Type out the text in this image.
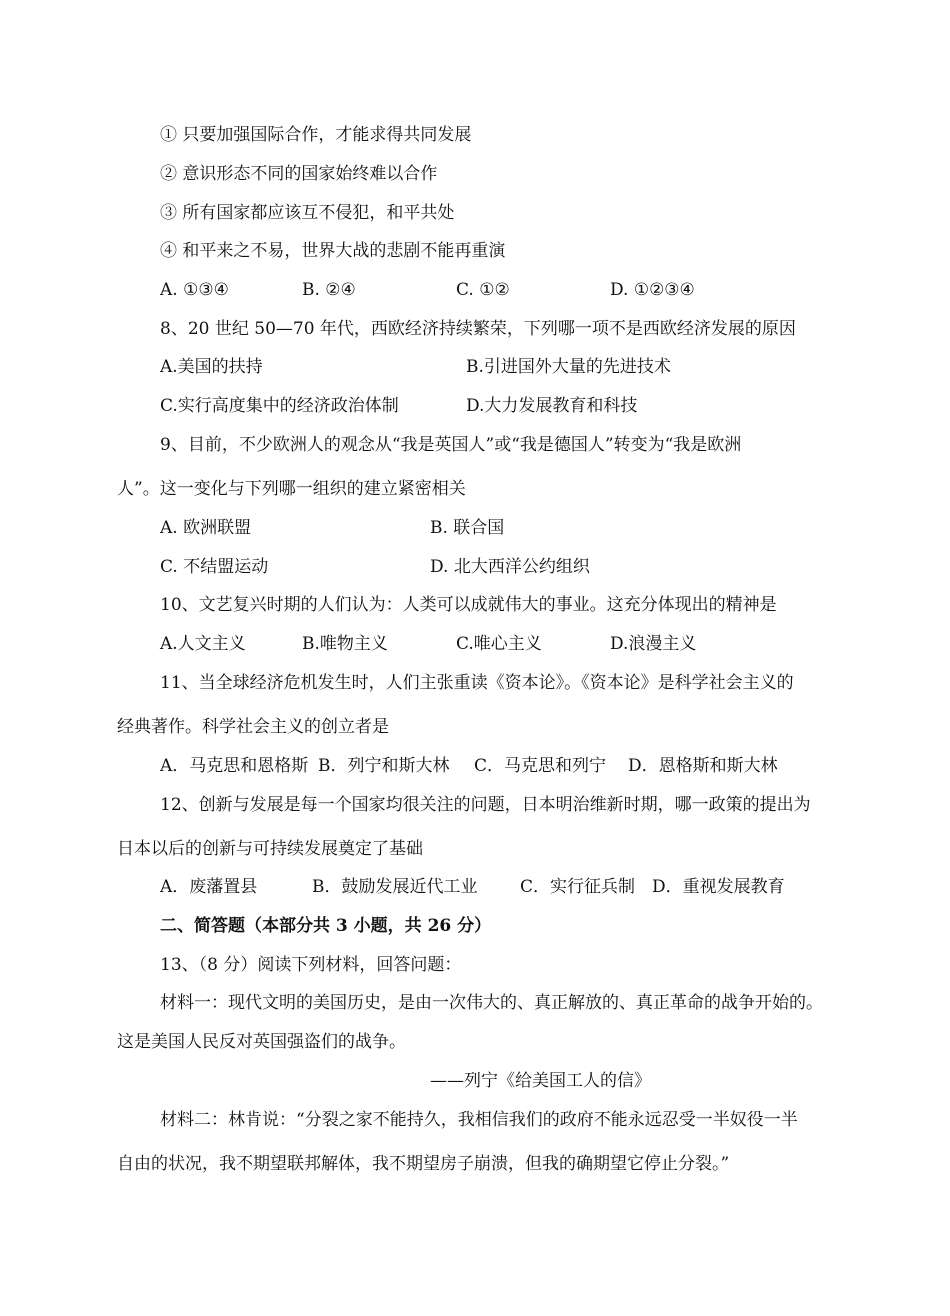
① 只要加强国际合作，才能求得共同发展
② 意识形态不同的国家始终难以合作
③ 所有国家都应该互不侵犯，和平共处
④ 和平来之不易，世界大战的悲剧不能再重演
A. ①③④	B. ②④	C. ①②	D. ①②③④
8、20 世纪 50—70 年代，西欧经济持续繁荣，下列哪一项不是西欧经济发展的原因
A.美国的扶持	B.引进国外大量的先进技术
C.实行高度集中的经济政治体制	D.大力发展教育和科技
9、目前，不少欧洲人的观念从“我是英国人”或“我是德国人”转变为“我是欧洲
人”。这一变化与下列哪一组织的建立紧密相关
A. 欧洲联盟	B. 联合国
C. 不结盟运动	D. 北大西洋公约组织
10、文艺复兴时期的人们认为：人类可以成就伟大的事业。这充分体现出的精神是
A.人文主义	B.唯物主义	C.唯心主义	D.浪漫主义
11、当全球经济危机发生时，人们主张重读《资本论》。《资本论》是科学社会主义的
经典著作。科学社会主义的创立者是
A．马克思和恩格斯 B．列宁和斯大林 C．马克思和列宁 D．恩格斯和斯大林
12、创新与发展是每一个国家均很关注的问题，日本明治维新时期，哪一政策的提出为
日本以后的创新与可持续发展奠定了基础
A．废藩置县	B．鼓励发展近代工业	C．实行征兵制 D．重视发展教育
二、简答题（本部分共 3 小题，共 26 分）
13、（8 分）阅读下列材料，回答问题：
材料一：现代文明的美国历史，是由一次伟大的、真正解放的、真正革命的战争开始的。
这是美国人民反对英国强盗们的战争。
——列宁《给美国工人的信》
材料二：林肯说：“分裂之家不能持久，我相信我们的政府不能永远忍受一半奴役一半
自由的状况，我不期望联邦解体，我不期望房子崩溃，但我的确期望它停止分裂。”
